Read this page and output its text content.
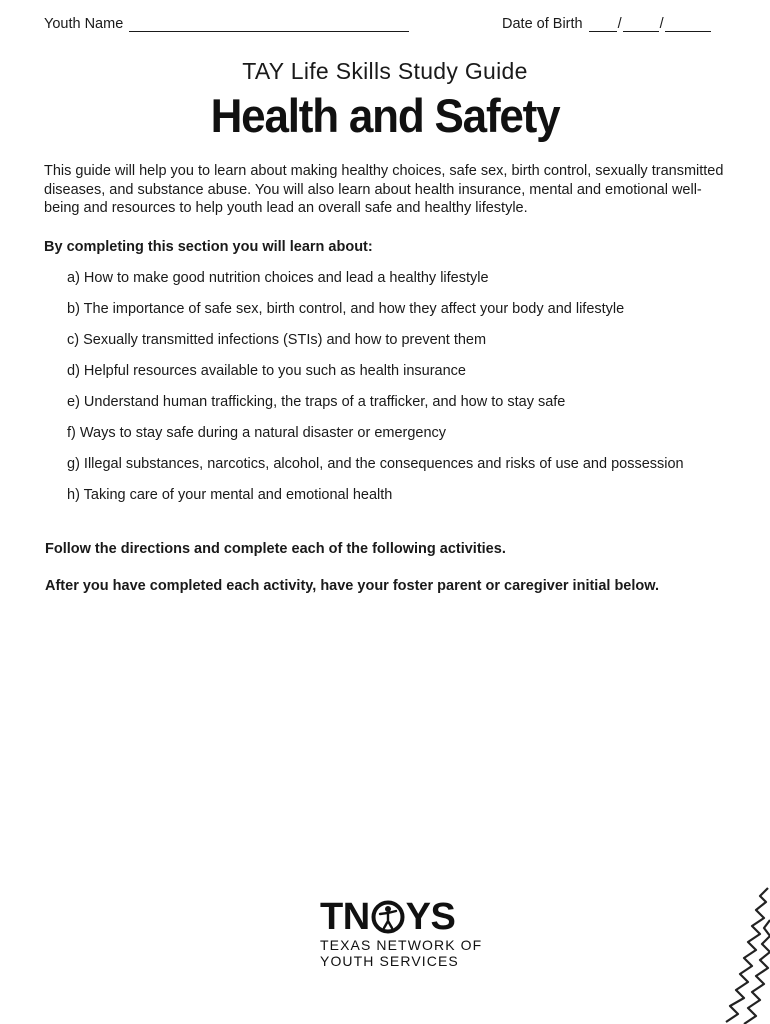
Youth Name	Date of Birth /	/
TAY Life Skills Study Guide
Health and Safety
This guide will help you to learn about making healthy choices, safe sex, birth control, sexually transmitted diseases, and substance abuse. You will also learn about health insurance, mental and emotional well-being and resources to help youth lead an overall safe and healthy lifestyle.
By completing this section you will learn about:
a) How to make good nutrition choices and lead a healthy lifestyle
b) The importance of safe sex, birth control, and how they affect your body and lifestyle
c) Sexually transmitted infections (STIs) and how to prevent them
d) Helpful resources available to you such as health insurance
e) Understand human trafficking, the traps of a trafficker, and how to stay safe
f) Ways to stay safe during a natural disaster or emergency
g) Illegal substances, narcotics, alcohol, and the consequences and risks of use and possession
h) Taking care of your mental and emotional health
Follow the directions and complete each of the following activities.
After you have completed each activity, have your foster parent or caregiver initial below.
TN YS
TEXAS NETWORK OF
YOUTH SERVICES
